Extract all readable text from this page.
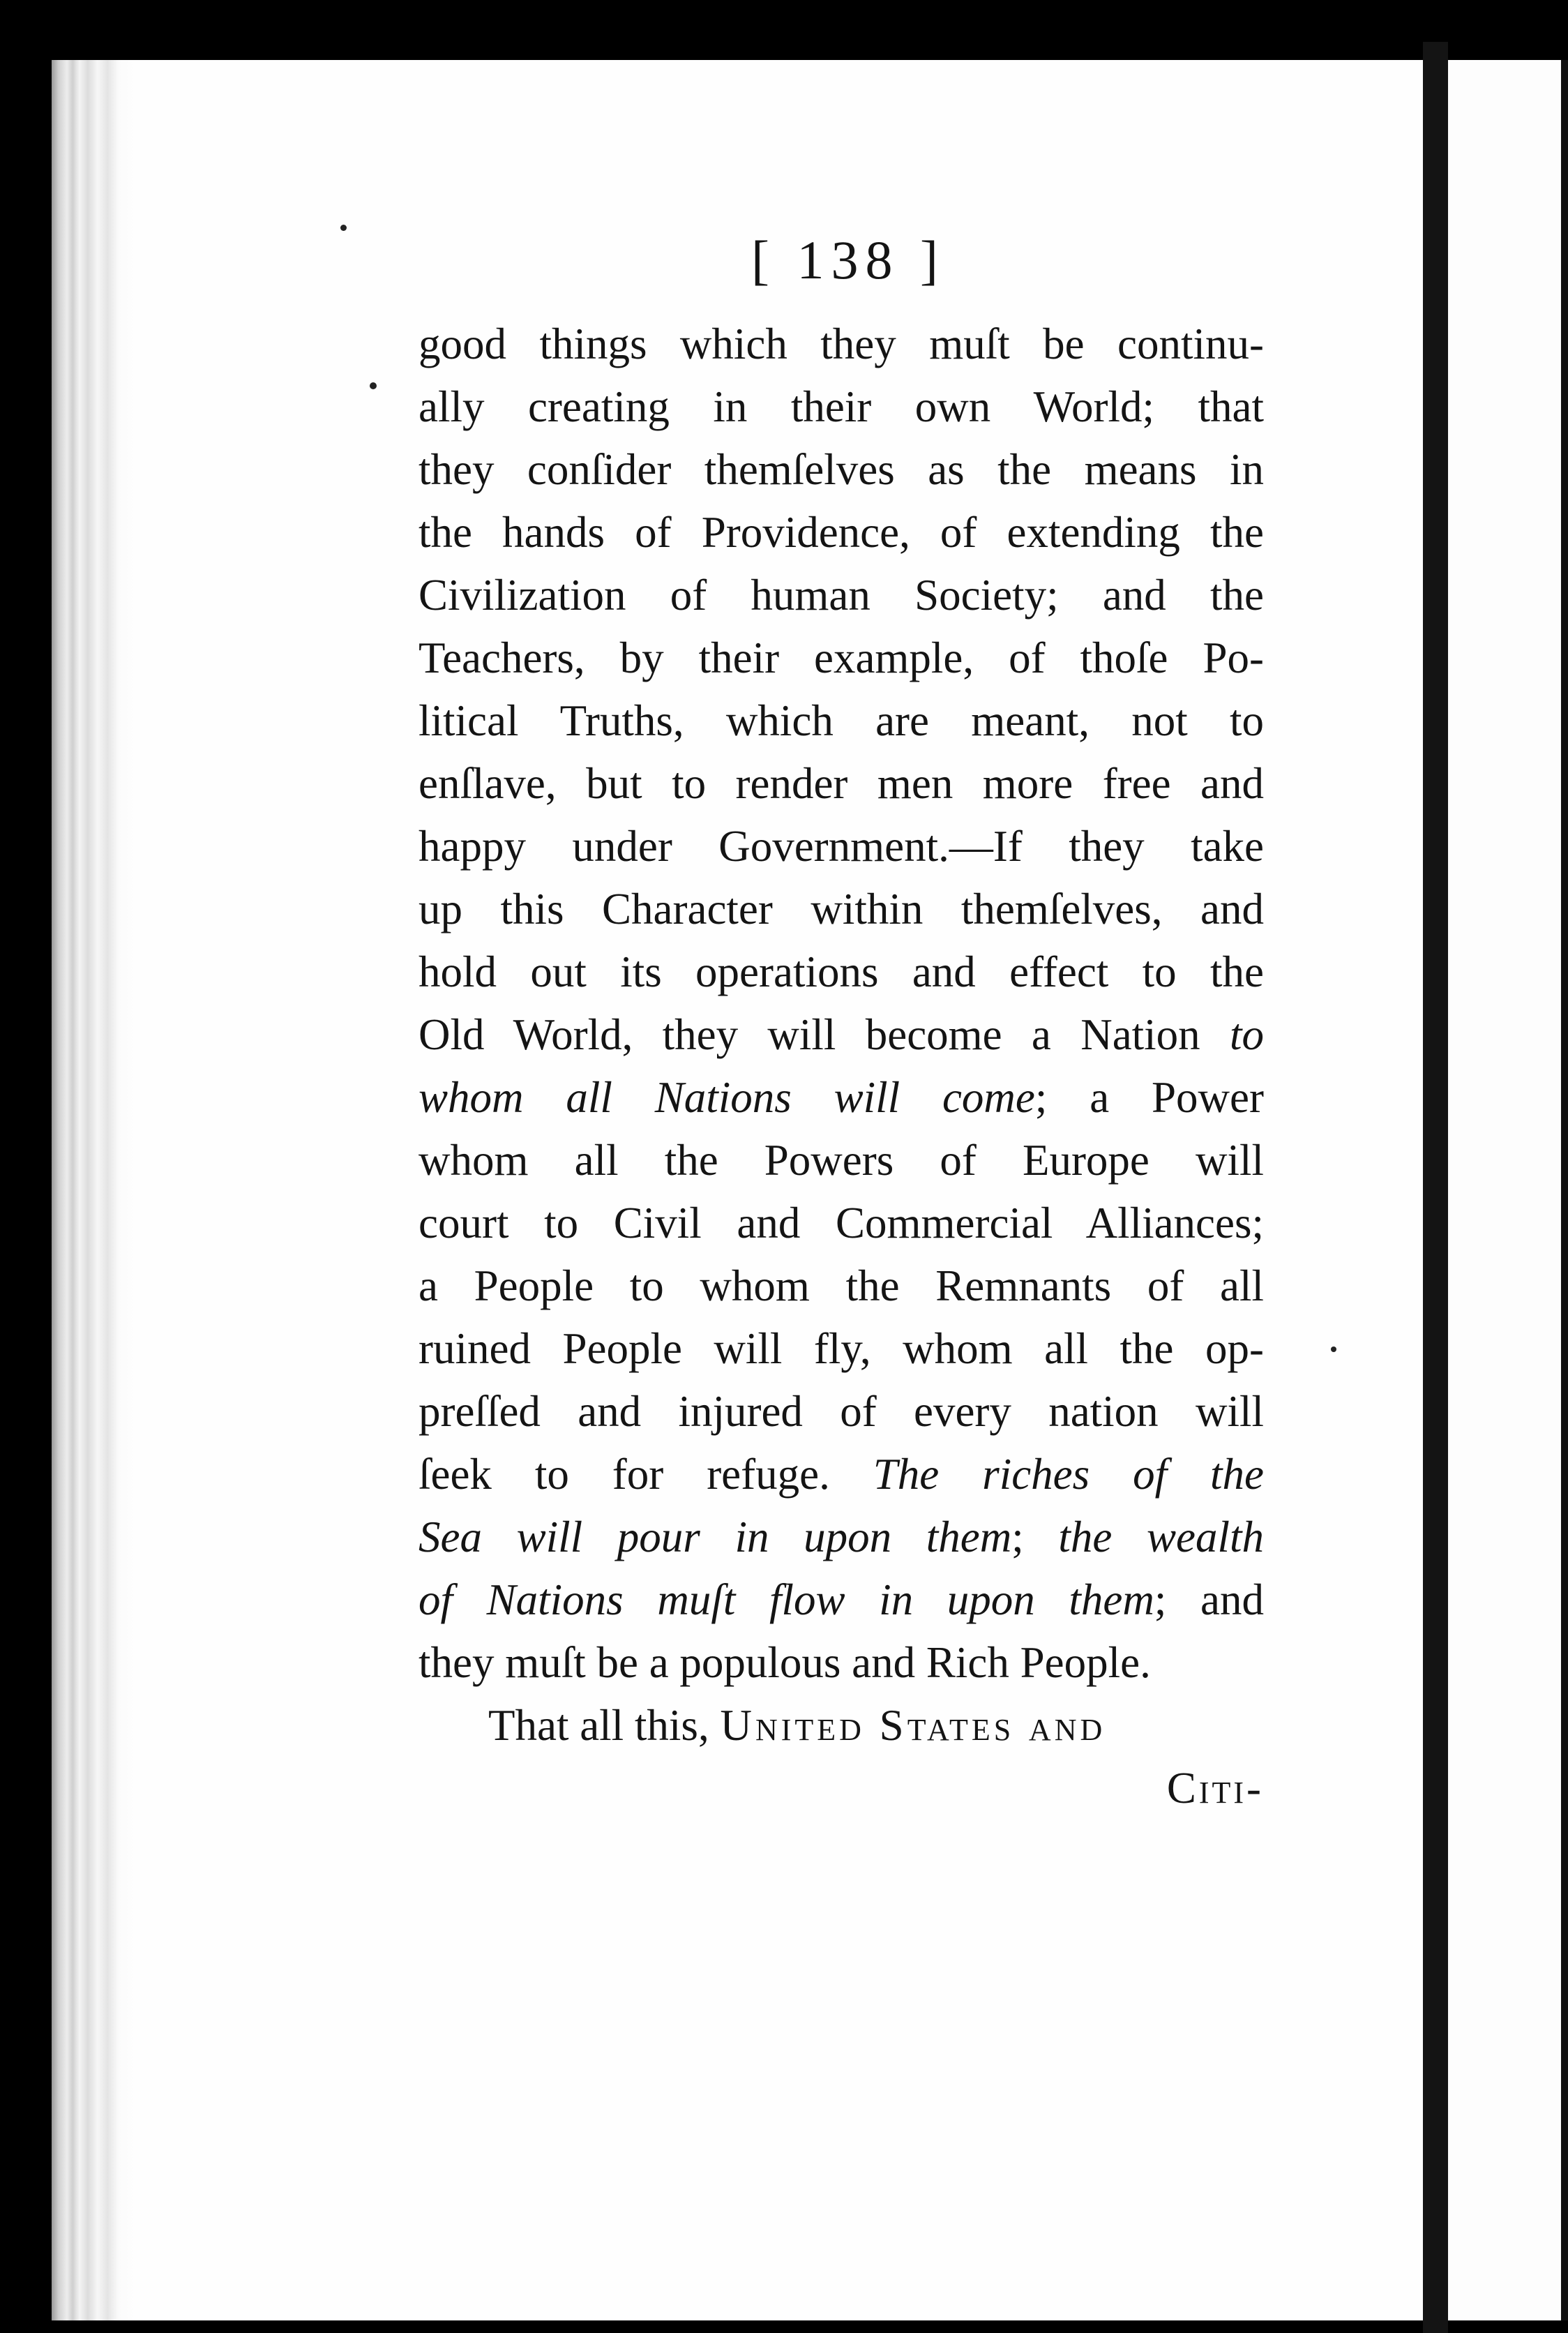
[ 138 ]
good things which they muſt be continu-
ally creating in their own World; that
they conſider themſelves as the means in
the hands of Providence, of extending the
Civilization of human Society; and the
Teachers, by their example, of thoſe Po-
litical Truths, which are meant, not to
enſlave, but to render men more free and
happy under Government.—If they take
up this Character within themſelves, and
hold out its operations and effect to the
Old World, they will become a Nation to
whom all Nations will come; a Power
whom all the Powers of Europe will
court to Civil and Commercial Alliances;
a People to whom the Remnants of all
ruined People will fly, whom all the op-
preſſed and injured of every nation will
ſeek to for refuge. The riches of the
Sea will pour in upon them; the wealth
of Nations muſt flow in upon them; and
they muſt be a populous and Rich People.
That all this, United States and
Citi-
